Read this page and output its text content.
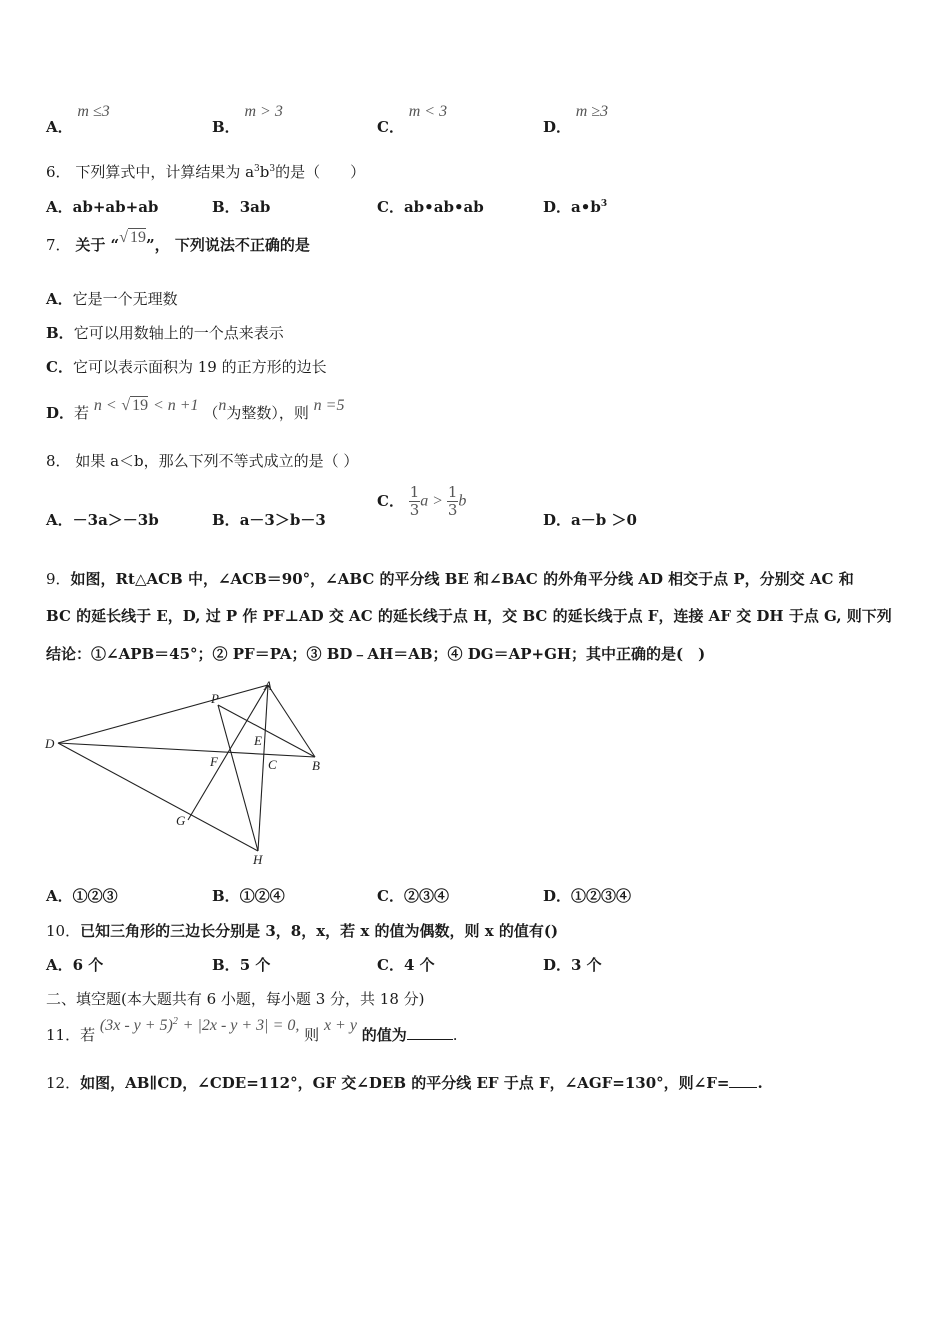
A． m ≤3
B． m > 3
C． m < 3
D． m ≥3
6． 下列算式中，计算结果为 $a^3b^3$的是（　　）
A．ab+ab+ab	B．3ab	C．ab•ab•ab	D．$a•b^3$
7． 关于 “√ 19”， 下列说法不正确的是
A．它是一个无理数
B．它可以用数轴上的一个点来表示
C．它可以表示面积为 19 的正方形的边长
D．若 n < √ 19 < n +1 （n为整数），则 n =5
8． 如果 a＜b，那么下列不等式成立的是（ ）
A．－3a＞－3b	B．a－3＞b－3
C． $\frac{1}{3}$ $a > \frac{1}{3}$ b
D．a－b ＞0
9．如图，Rt△ACB 中，∠ACB＝90°，∠ABC 的平分线 BE 和∠BAC 的外角平分线 AD 相交于点 P，分别交 AC 和
BC 的延长线于 E，D, 过 P 作 PF⊥AD 交 AC 的延长线于点 H，交 BC 的延长线于点 F，连接 AF 交 DH 于点 G, 则下列
结论：①∠APB＝45°；② PF＝PA；③ BD﹣AH＝AB；④ DG＝AP+GH；其中正确的是(　)
P
A
D	E
F	C	B
G
H
A．①②③	B．①②④	C．②③④	D．①②③④
10．已知三角形的三边长分别是 3，8，x，若 x 的值为偶数，则 x 的值有()
A．6 个	B．5 个	C．4 个	D．3 个
二、填空题(本大题共有 6 小题，每小题 3 分，共 18 分)
11．若 $(3x - y + 5)^2 + |2x - y + 3| = 0$, 则 x + y 的值为	.
12．如图，AB∥CD，∠CDE=112°，GF 交∠DEB 的平分线 EF 于点 F，∠AGF=130°，则∠F= .
